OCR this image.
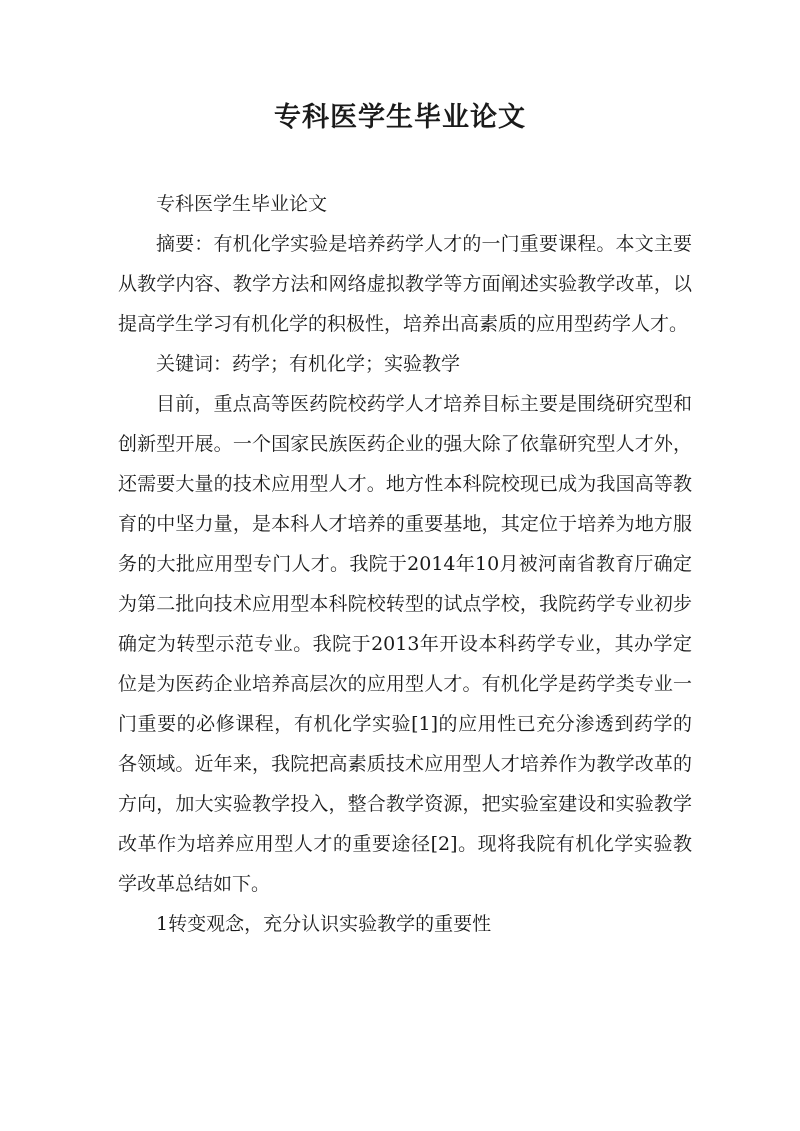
专科医学生毕业论文

专科医学生毕业论文

摘要：有机化学实验是培养药学人才的一门重要课程。本文主要从教学内容、教学方法和网络虚拟教学等方面阐述实验教学改革，以提高学生学习有机化学的积极性，培养出高素质的应用型药学人才。

关键词：药学；有机化学；实验教学

目前，重点高等医药院校药学人才培养目标主要是围绕研究型和创新型开展。一个国家民族医药企业的强大除了依靠研究型人才外，还需要大量的技术应用型人才。地方性本科院校现已成为我国高等教育的中坚力量，是本科人才培养的重要基地，其定位于培养为地方服务的大批应用型专门人才。我院于2014年10月被河南省教育厅确定为第二批向技术应用型本科院校转型的试点学校，我院药学专业初步确定为转型示范专业。我院于2013年开设本科药学专业，其办学定位是为医药企业培养高层次的应用型人才。有机化学是药学类专业一门重要的必修课程，有机化学实验[1]的应用性已充分渗透到药学的各领域。近年来，我院把高素质技术应用型人才培养作为教学改革的方向，加大实验教学投入，整合教学资源，把实验室建设和实验教学改革作为培养应用型人才的重要途径[2]。现将我院有机化学实验教学改革总结如下。

1转变观念，充分认识实验教学的重要性
